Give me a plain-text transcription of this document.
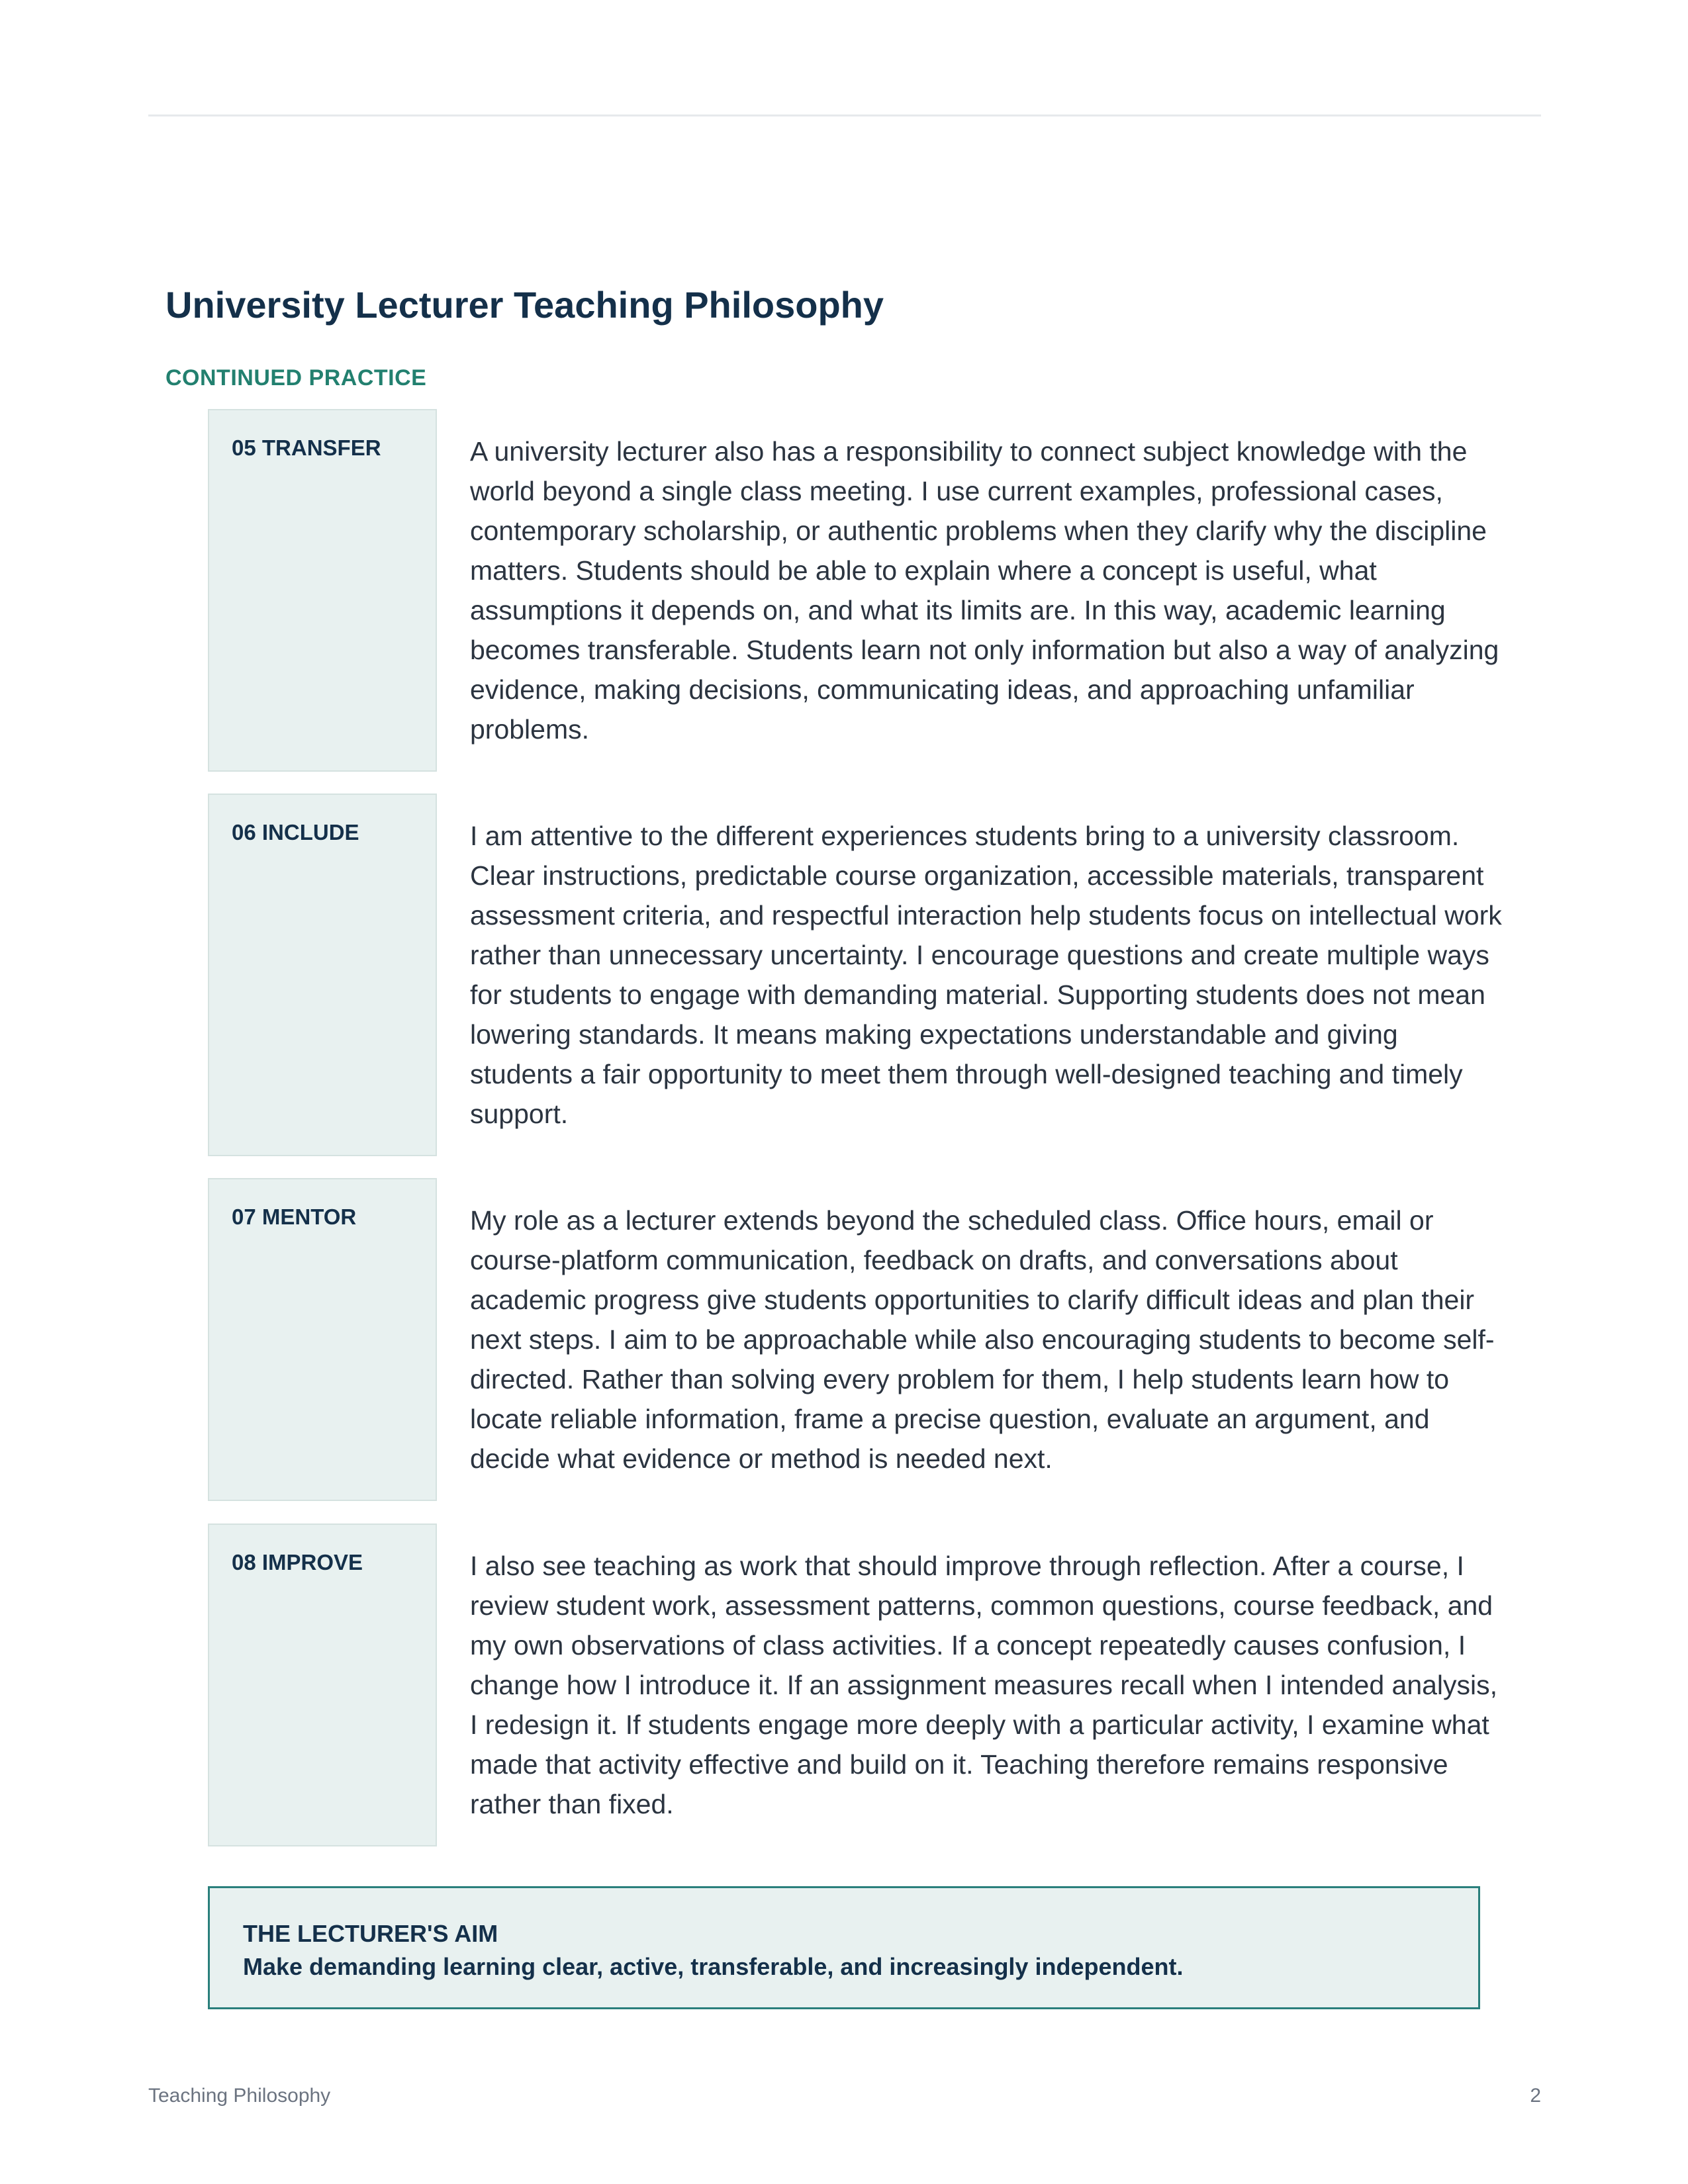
University Lecturer Teaching Philosophy
CONTINUED PRACTICE
05 TRANSFER	A university lecturer also has a responsibility to connect subject knowledge with the world beyond a single class meeting. I use current examples, professional cases, contemporary scholarship, or authentic problems when they clarify why the discipline matters. Students should be able to explain where a concept is useful, what assumptions it depends on, and what its limits are. In this way, academic learning becomes transferable. Students learn not only information but also a way of analyzing evidence, making decisions, communicating ideas, and approaching unfamiliar problems.

06 INCLUDE	I am attentive to the different experiences students bring to a university classroom. Clear instructions, predictable course organization, accessible materials, transparent assessment criteria, and respectful interaction help students focus on intellectual work rather than unnecessary uncertainty. I encourage questions and create multiple ways for students to engage with demanding material. Supporting students does not mean lowering standards. It means making expectations understandable and giving students a fair opportunity to meet them through well-designed teaching and timely support.

07 MENTOR	My role as a lecturer extends beyond the scheduled class. Office hours, email or course-platform communication, feedback on drafts, and conversations about academic progress give students opportunities to clarify difficult ideas and plan their next steps. I aim to be approachable while also encouraging students to become self-directed. Rather than solving every problem for them, I help students learn how to locate reliable information, frame a precise question, evaluate an argument, and decide what evidence or method is needed next.

08 IMPROVE	I also see teaching as work that should improve through reflection. After a course, I review student work, assessment patterns, common questions, course feedback, and my own observations of class activities. If a concept repeatedly causes confusion, I change how I introduce it. If an assignment measures recall when I intended analysis, I redesign it. If students engage more deeply with a particular activity, I examine what made that activity effective and build on it. Teaching therefore remains responsive rather than fixed.

THE LECTURER'S AIM
Make demanding learning clear, active, transferable, and increasingly independent.
Teaching Philosophy	2
